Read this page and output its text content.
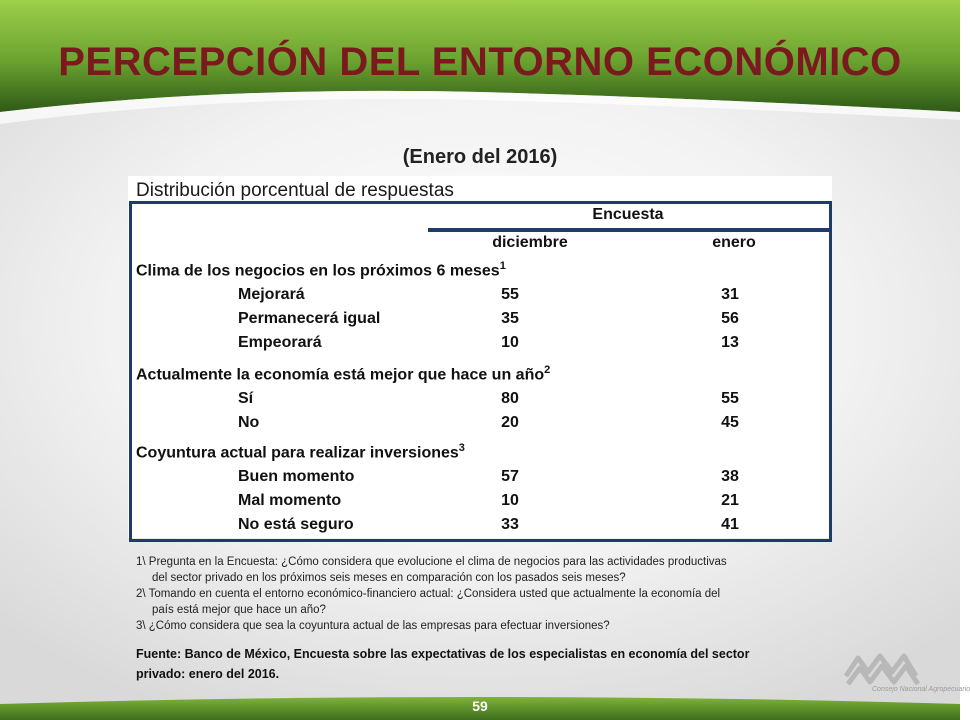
PERCEPCIÓN DEL ENTORNO ECONÓMICO
(Enero del 2016)
Distribución porcentual de respuestas
Encuesta
diciembre	enero
Clima de los negocios en los próximos 6 meses$^1$
Mejorará	55	31
Permanecerá igual	35	56
Empeorará	10	13
Actualmente la economía está mejor que hace un año$^2$
Sí	80	55
No	20	45
Coyuntura actual para realizar inversiones$^3$
Buen momento	57	38
Mal momento	10	21
No está seguro	33	41
1\ Pregunta en la Encuesta: ¿Cómo considera que evolucione el clima de negocios para las actividades productivas
del sector privado en los próximos seis meses en comparación con los pasados seis meses?
2\ Tomando en cuenta el entorno económico-financiero actual: ¿Considera usted que actualmente la economía del
país está mejor que hace un año?
3\ ¿Cómo considera que sea la coyuntura actual de las empresas para efectuar inversiones?
Fuente: Banco de México, Encuesta sobre las expectativas de los especialistas en economía del sector
privado: enero del 2016.
Consejo Nacional Agropecuario
59
